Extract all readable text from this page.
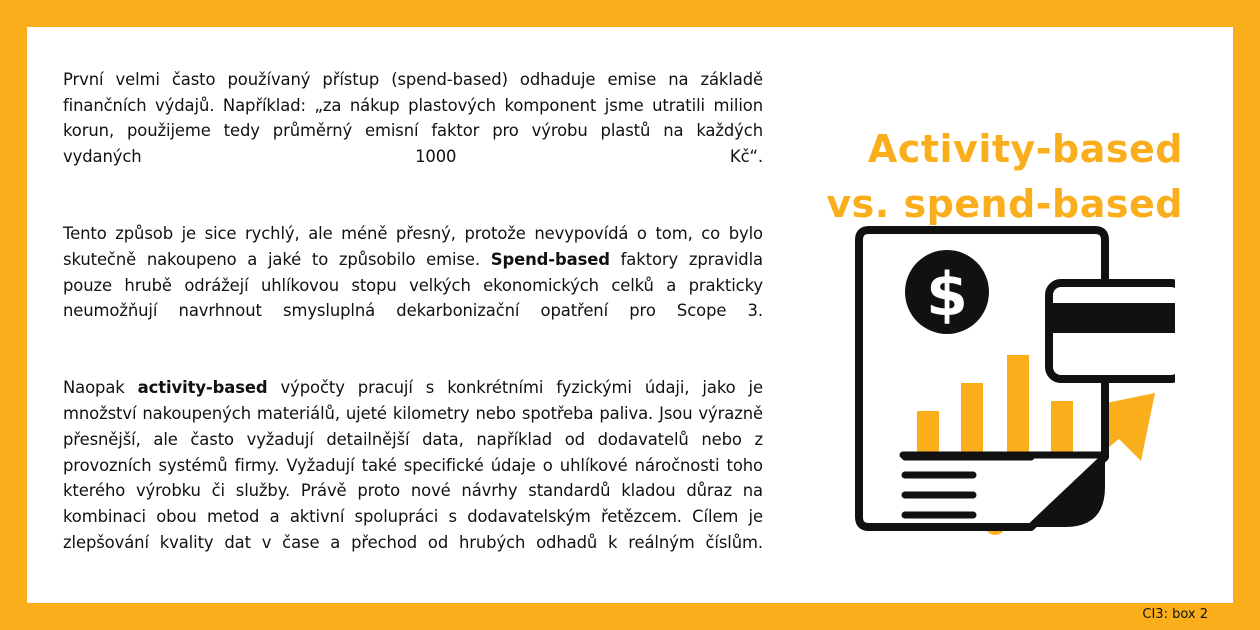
První velmi často používaný přístup (spend-based) odhaduje emise na základě finančních výdajů. Například: „za nákup plastových komponent jsme utratili milion korun, použijeme tedy průměrný emisní faktor pro výrobu plastů na každých vydaných 1000 Kč“.

Tento způsob je sice rychlý, ale méně přesný, protože nevypovídá o tom, co bylo skutečně nakoupeno a jaké to způsobilo emise. Spend-based faktory zpravidla pouze hrubě odrážejí uhlíkovou stopu velkých ekonomických celků a prakticky neumožňují navrhnout smysluplná dekarbonizační opatření pro Scope 3.

Naopak activity-based výpočty pracují s konkrétními fyzickými údaji, jako je množství nakoupených materiálů, ujeté kilometry nebo spotřeba paliva. Jsou výrazně přesnější, ale často vyžadují detailnější data, například od dodavatelů nebo z provozních systémů firmy. Vyžadují také specifické údaje o uhlíkové náročnosti toho kterého výrobku či služby. Právě proto nové návrhy standardů kladou důraz na kombinaci obou metod a aktivní spolupráci s dodavatelským řetězcem. Cílem je zlepšování kvality dat v čase a přechod od hrubých odhadů k reálným číslům.

Activity-based
vs. spend-based
$
CI3: box 2
